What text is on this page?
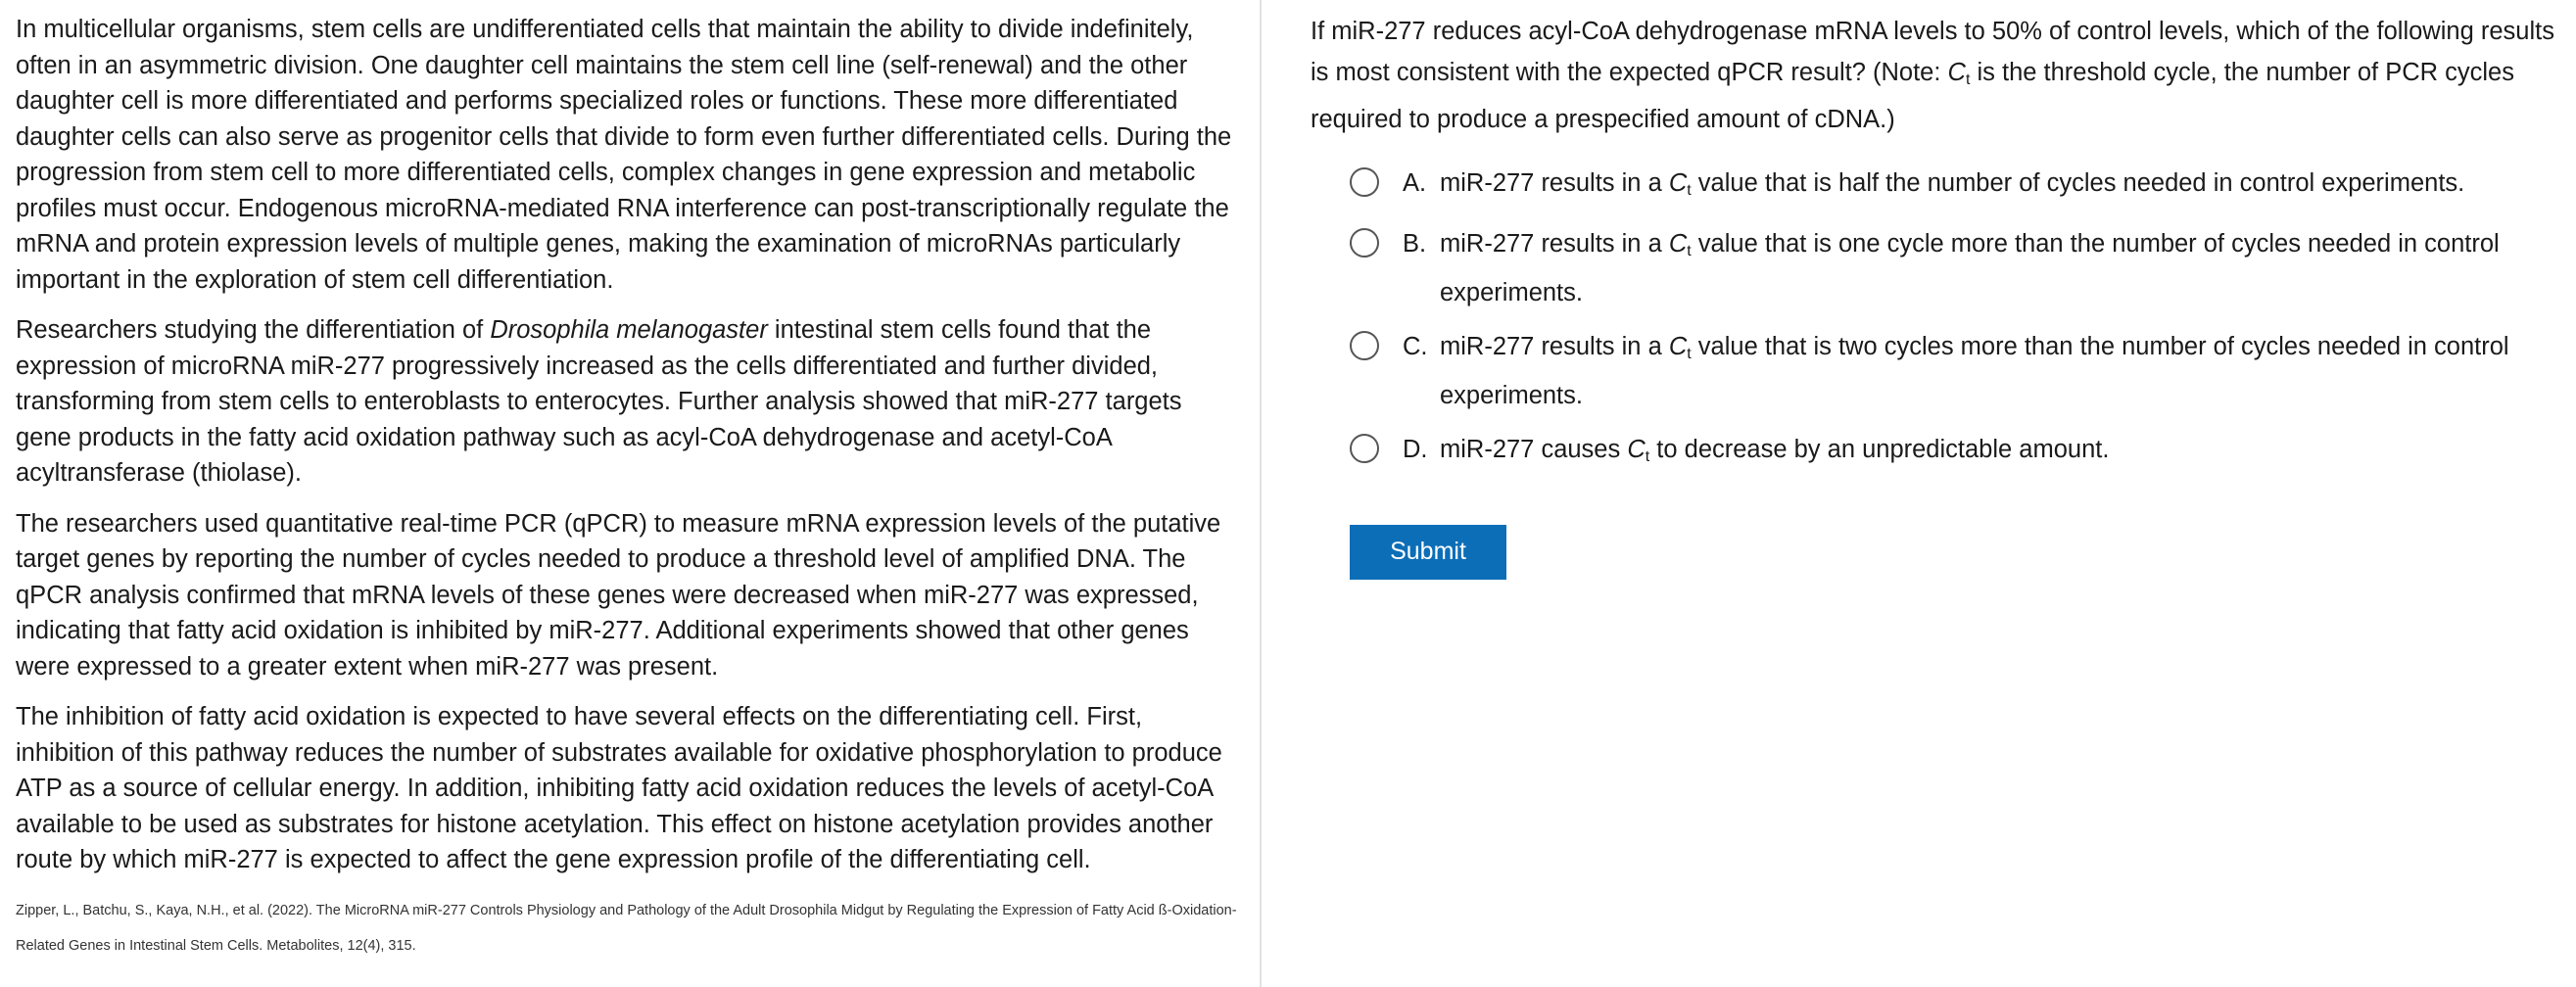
In multicellular organisms, stem cells are undifferentiated cells that maintain the ability to divide indefinitely, often in an asymmetric division. One daughter cell maintains the stem cell line (self-renewal) and the other daughter cell is more differentiated and performs specialized roles or functions. These more differentiated daughter cells can also serve as progenitor cells that divide to form even further differentiated cells. During the progression from stem cell to more differentiated cells, complex changes in gene expression and metabolic profiles must occur. Endogenous microRNA-mediated RNA interference can post-transcriptionally regulate the mRNA and protein expression levels of multiple genes, making the examination of microRNAs particularly important in the exploration of stem cell differentiation.

Researchers studying the differentiation of Drosophila melanogaster intestinal stem cells found that the expression of microRNA miR-277 progressively increased as the cells differentiated and further divided, transforming from stem cells to enteroblasts to enterocytes. Further analysis showed that miR-277 targets gene products in the fatty acid oxidation pathway such as acyl-CoA dehydrogenase and acetyl-CoA acyltransferase (thiolase).

The researchers used quantitative real-time PCR (qPCR) to measure mRNA expression levels of the putative target genes by reporting the number of cycles needed to produce a threshold level of amplified DNA. The qPCR analysis confirmed that mRNA levels of these genes were decreased when miR-277 was expressed, indicating that fatty acid oxidation is inhibited by miR-277. Additional experiments showed that other genes were expressed to a greater extent when miR-277 was present.

The inhibition of fatty acid oxidation is expected to have several effects on the differentiating cell. First, inhibition of this pathway reduces the number of substrates available for oxidative phosphorylation to produce ATP as a source of cellular energy. In addition, inhibiting fatty acid oxidation reduces the levels of acetyl-CoA available to be used as substrates for histone acetylation. This effect on histone acetylation provides another route by which miR-277 is expected to affect the gene expression profile of the differentiating cell.

Zipper, L., Batchu, S., Kaya, N.H., et al. (2022). The MicroRNA miR-277 Controls Physiology and Pathology of the Adult Drosophila Midgut by Regulating the Expression of Fatty Acid ß-Oxidation-Related Genes in Intestinal Stem Cells. Metabolites, 12(4), 315.

If miR-277 reduces acyl-CoA dehydrogenase mRNA levels to 50% of control levels, which of the following results is most consistent with the expected qPCR result? (Note: Ct is the threshold cycle, the number of PCR cycles required to produce a prespecified amount of cDNA.)

A. miR-277 results in a Ct value that is half the number of cycles needed in control experiments.
B. miR-277 results in a Ct value that is one cycle more than the number of cycles needed in control experiments.
C. miR-277 results in a Ct value that is two cycles more than the number of cycles needed in control experiments.
D. miR-277 causes Ct to decrease by an unpredictable amount.
Submit
